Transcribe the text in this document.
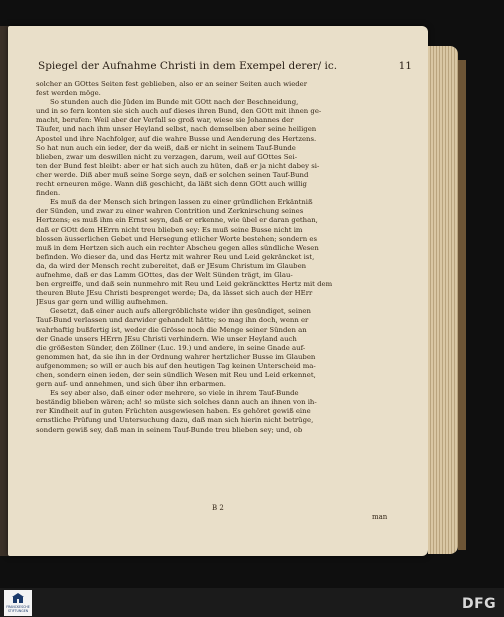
Spiegel der Aufnahme Christi in dem Exempel derer/ ic.	11
solcher an GOttes Seiten fest geblieben, also er an seiner Seiten auch wieder
fest werden möge.
So stunden auch die Jüden im Bunde mit GOtt nach der Beschneidung,
und in so fern konten sie sich auch auf dieses ihren Bund, den GOtt mit ihnen ge-
macht, berufen: Weil aber der Verfall so groß war, wiese sie Johannes der
Täufer, und nach ihm unser Heyland selbst, nach demselben aber seine heiligen
Apostel und ihre Nachfolger, auf die wahre Busse und Aenderung des Hertzens.
So hat nun auch ein ieder, der da weiß, daß er nicht in seinem Tauf-Bunde
blieben, zwar um deswillen nicht zu verzagen, darum, weil auf GOttes Sei-
ten der Bund fest bleibt: aber er hat sich auch zu hüten, daß er ja nicht dabey si-
cher werde. Diß aber muß seine Sorge seyn, daß er solchen seinen Tauf-Bund
recht erneuren möge. Wann diß geschicht, da läßt sich denn GOtt auch willig
finden.
Es muß da der Mensch sich bringen lassen zu einer gründlichen Erkäntniß
der Sünden, und zwar zu einer wahren Contrition und Zerknirschung seines
Hertzens; es muß ihm ein Ernst seyn, daß er erkenne, wie übel er daran gethan,
daß er GOtt dem HErrn nicht treu blieben sey: Es muß seine Busse nicht im
blossen äusserlichen Gebet und Hersegung etlicher Worte bestehen; sondern es
muß in dem Hertzen sich auch ein rechter Abscheu gegen alles sündliche Wesen
befinden. Wo dieser da, und das Hertz mit wahrer Reu und Leid gekräncket ist,
da, da wird der Mensch recht zubereitet, daß er JEsum Christum im Glauben
aufnehme, daß er das Lamm GOttes, das der Welt Sünden trägt, im Glau-
ben ergreiffe, und daß sein nunmehro mit Reu und Leid gekränckttes Hertz mit dem
theuren Blute JEsu Christi besprenget werde; Da, da lässet sich auch der HErr
JEsus gar gern und willig aufnehmen.
Gesetzt, daß einer auch aufs allergröblichste wider ihn gesündiget, seinen
Tauf-Bund verlassen und darwider gehandelt hätte; so mag ihn doch, wenn er
wahrhaftig bußfertig ist, weder die Grösse noch die Menge seiner Sünden an
der Gnade unsers HErrn JEsu Christi verhindern. Wie unser Heyland auch
die größesten Sünder, den Zöllner (Luc. 19.) und andere, in seine Gnade auf-
genommen hat, da sie ihn in der Ordnung wahrer hertzlicher Busse im Glauben
aufgenommen; so will er auch bis auf den heutigen Tag keinen Unterscheid ma-
chen, sondern einen ieden, der sein sündlich Wesen mit Reu und Leid erkennet,
gern auf- und annehmen, und sich über ihn erbarmen.
Es sey aber also, daß einer oder mehrere, so viele in ihrem Tauf-Bunde
beständig blieben wären; ach! so müste sich solches dann auch an ihnen von ih-
rer Kindheit auf in guten Früchten ausgewiesen haben. Es gehöret gewiß eine
ernstliche Prüfung und Untersuchung dazu, daß man sich hierin nicht betrüge,
sondern gewiß sey, daß man in seinem Tauf-Bunde treu blieben sey; und, ob
B 2
man
FRANCKESCHE STIFTUNGEN	DFG
